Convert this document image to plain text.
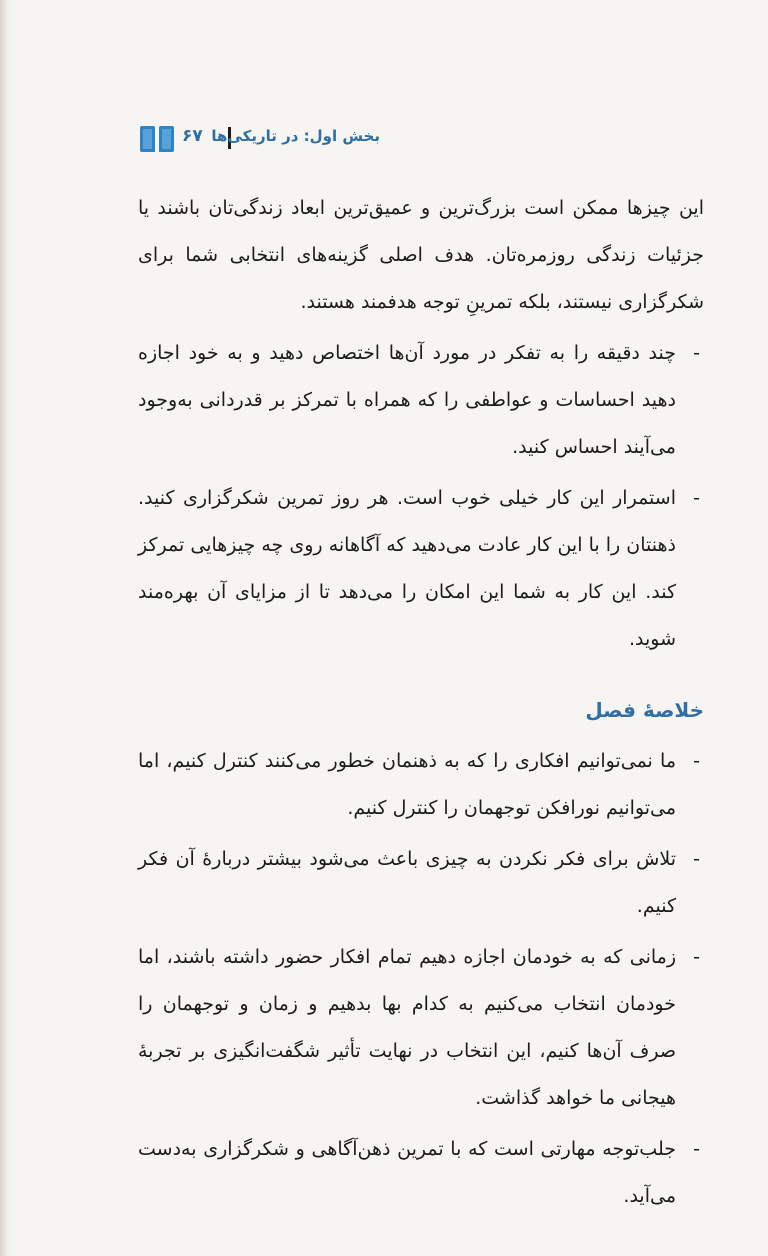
۶۷ بخش اول: در تاریکی‌ها

این چیزها ممکن است بزرگ‌ترین و عمیق‌ترین ابعاد زندگی‌تان باشند یا جزئیات زندگی روزمره‌تان. هدف اصلی گزینه‌های انتخابی شما برای شکرگزاری نیستند، بلکه تمرینِ توجه هدفمند هستند.

-
چند دقیقه را به تفکر در مورد آن‌ها اختصاص دهید و به خود اجازه دهید احساسات و عواطفی را که همراه با تمرکز بر قدردانی به‌وجود می‌آیند احساس کنید.
-
استمرار این کار خیلی خوب است. هر روز تمرین شکرگزاری کنید. ذهنتان را با این کار عادت می‌دهید که آگاهانه روی چه چیزهایی تمرکز کند. این کار به شما این امکان را می‌دهد تا از مزایای آن بهره‌مند شوید.
خلاصهٔ فصل
-
ما نمی‌توانیم افکاری را که به ذهنمان خطور می‌کنند کنترل کنیم، اما می‌توانیم نورافکن توجهمان را کنترل کنیم.
-
تلاش برای فکر نکردن به چیزی باعث می‌شود بیشتر دربارهٔ آن فکر کنیم.
-
زمانی که به خودمان اجازه دهیم تمام افکار حضور داشته باشند، اما خودمان انتخاب می‌کنیم به کدام بها بدهیم و زمان و توجهمان را صرف آن‌ها کنیم، این انتخاب در نهایت تأثیر شگفت‌انگیزی بر تجربهٔ هیجانی ما خواهد گذاشت.
-
جلب‌توجه مهارتی است که با تمرین ذهن‌آگاهی و شکرگزاری به‌دست می‌آید.
